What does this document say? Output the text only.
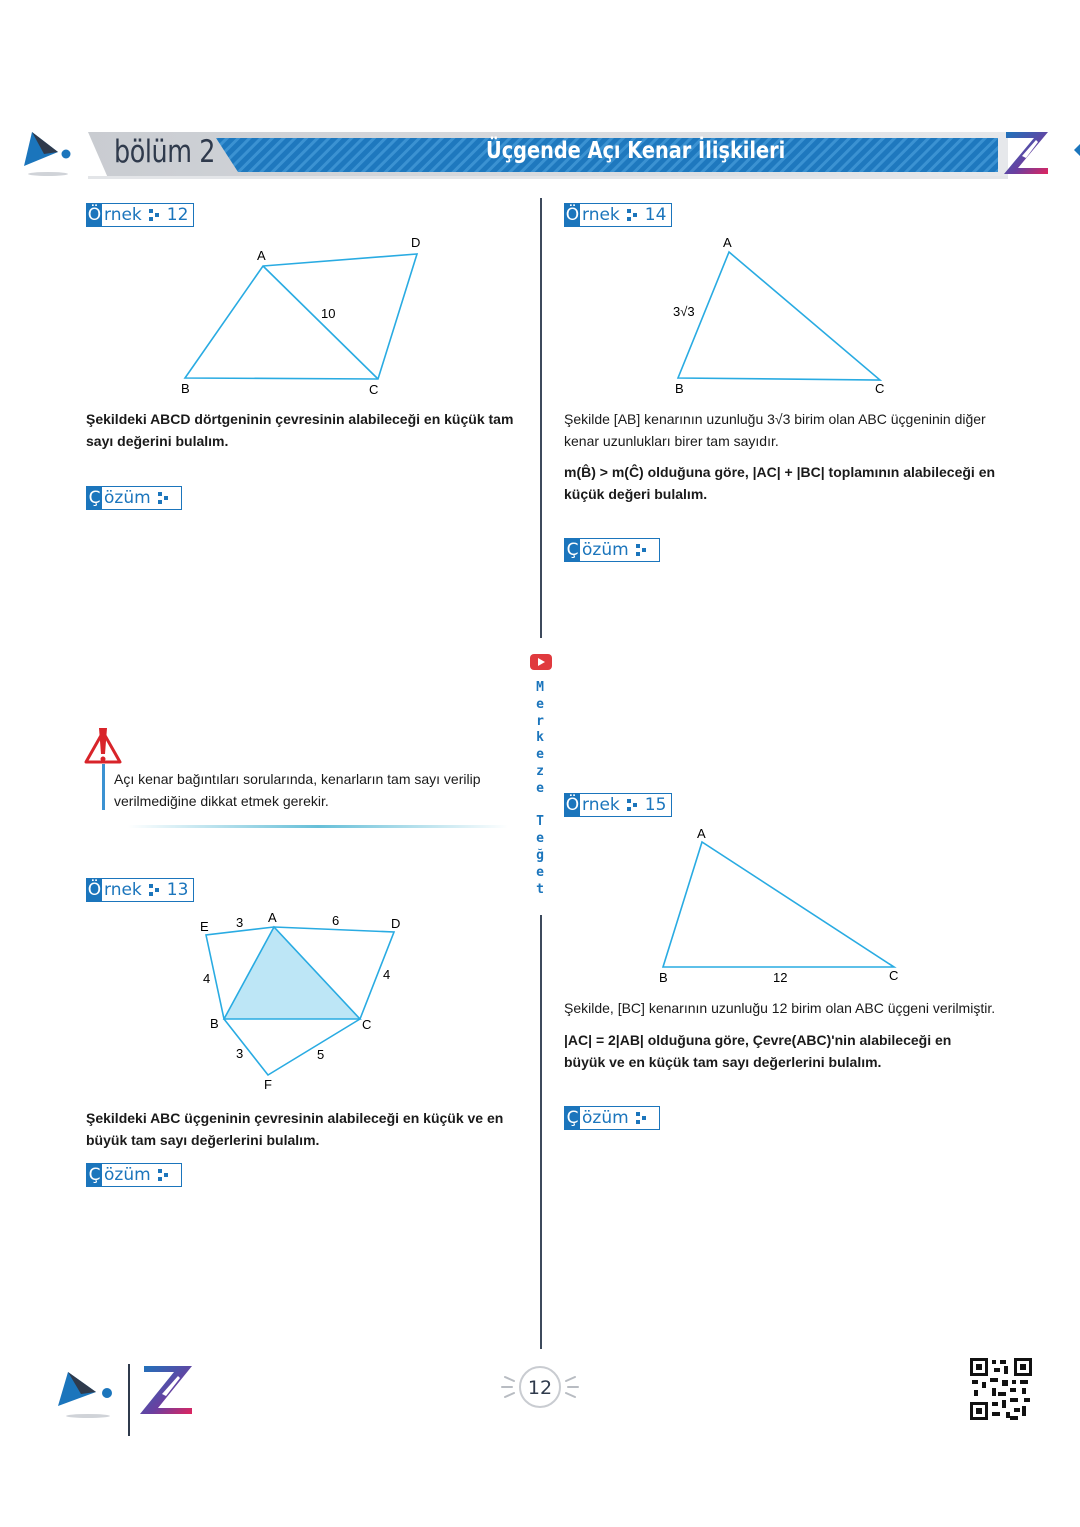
bölüm 2	Üçgende Açı Kenar İlişkileri
M
e
r
k
e
z
e
T
e
ğ
e
t
Ö rnek 12
A
D
10
B	C
Şekildeki ABCD dörtgeninin çevresinin alabileceği en küçük tam sayı değerini bulalım.
Ç özüm
Açı kenar bağıntıları sorularında, kenarların tam sayı verilip verilmediğine dikkat etmek gerekir.
Ö rnek 13
E 3 A	6	D
4	4
B	C
3	5
F
Şekildeki ABC üçgeninin çevresinin alabileceği en küçük ve en büyük tam sayı değerlerini bulalım.
Ç özüm
Ö rnek 14
A
3√3
B	C
Şekilde [AB] kenarının uzunluğu 3√3 birim olan ABC üçgeninin diğer kenar uzunlukları birer tam sayıdır.
m(B̂) > m(Ĉ) olduğuna göre, |AC| + |BC| toplamının alabileceği en küçük değeri bulalım.
Ç özüm
Ö rnek 15
A
B	12	C
Şekilde, [BC] kenarının uzunluğu 12 birim olan ABC üçgeni verilmiştir.
|AC| = 2|AB| olduğuna göre, Çevre(ABC)'nin alabileceği en büyük ve en küçük tam sayı değerlerini bulalım.
Ç özüm
12
